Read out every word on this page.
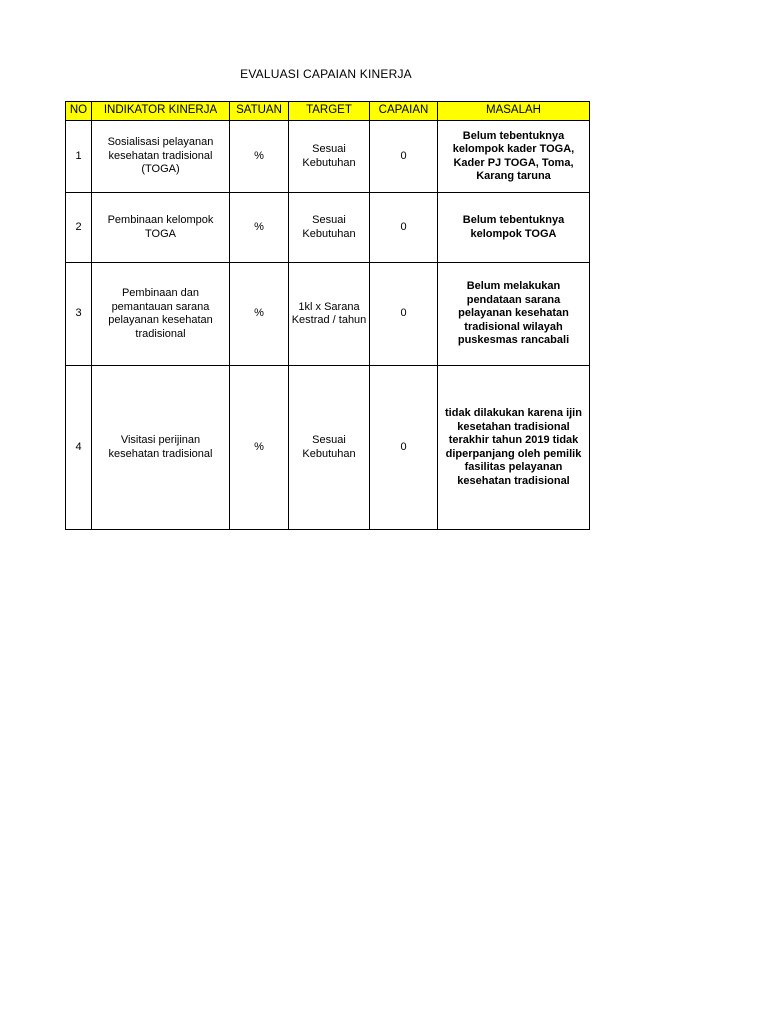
EVALUASI CAPAIAN KINERJA
NO	INDIKATOR KINERJA	SATUAN	TARGET	CAPAIAN	MASALAH
1	Sosialisasi pelayanan kesehatan tradisional (TOGA)	%	Sesuai Kebutuhan	0	Belum tebentuknya kelompok kader TOGA, Kader PJ TOGA, Toma, Karang taruna
2	Pembinaan kelompok TOGA	%	Sesuai Kebutuhan	0	Belum tebentuknya kelompok TOGA
3	Pembinaan dan pemantauan sarana pelayanan kesehatan tradisional	%	1kl x Sarana Kestrad / tahun	0	Belum melakukan pendataan sarana pelayanan kesehatan tradisional wilayah puskesmas rancabali
4	Visitasi perijinan kesehatan tradisional	%	Sesuai Kebutuhan	0	tidak dilakukan karena ijin kesetahan tradisional terakhir tahun 2019 tidak diperpanjang oleh pemilik fasilitas pelayanan kesehatan tradisional
